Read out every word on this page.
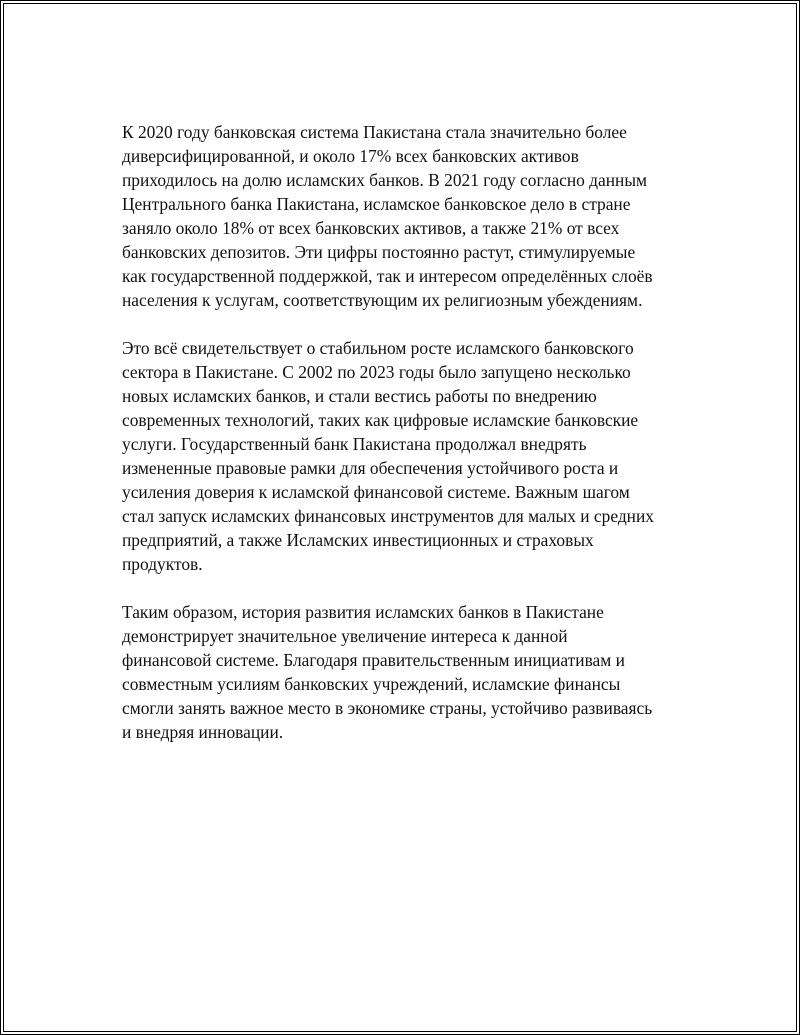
К 2020 году банковская система Пакистана стала значительно более
диверсифицированной, и около 17% всех банковских активов
приходилось на долю исламских банков. В 2021 году согласно данным
Центрального банка Пакистана, исламское банковское дело в стране
заняло около 18% от всех банковских активов, а также 21% от всех
банковских депозитов. Эти цифры постоянно растут, стимулируемые
как государственной поддержкой, так и интересом определённых слоёв
населения к услугам, соответствующим их религиозным убеждениям.

Это всё свидетельствует о стабильном росте исламского банковского
сектора в Пакистане. С 2002 по 2023 годы было запущено несколько
новых исламских банков, и стали вестись работы по внедрению
современных технологий, таких как цифровые исламские банковские
услуги. Государственный банк Пакистана продолжал внедрять
измененные правовые рамки для обеспечения устойчивого роста и
усиления доверия к исламской финансовой системе. Важным шагом
стал запуск исламских финансовых инструментов для малых и средних
предприятий, а также Исламских инвестиционных и страховых
продуктов.

Таким образом, история развития исламских банков в Пакистане
демонстрирует значительное увеличение интереса к данной
финансовой системе. Благодаря правительственным инициативам и
совместным усилиям банковских учреждений, исламские финансы
смогли занять важное место в экономике страны, устойчиво развиваясь
и внедряя инновации.
